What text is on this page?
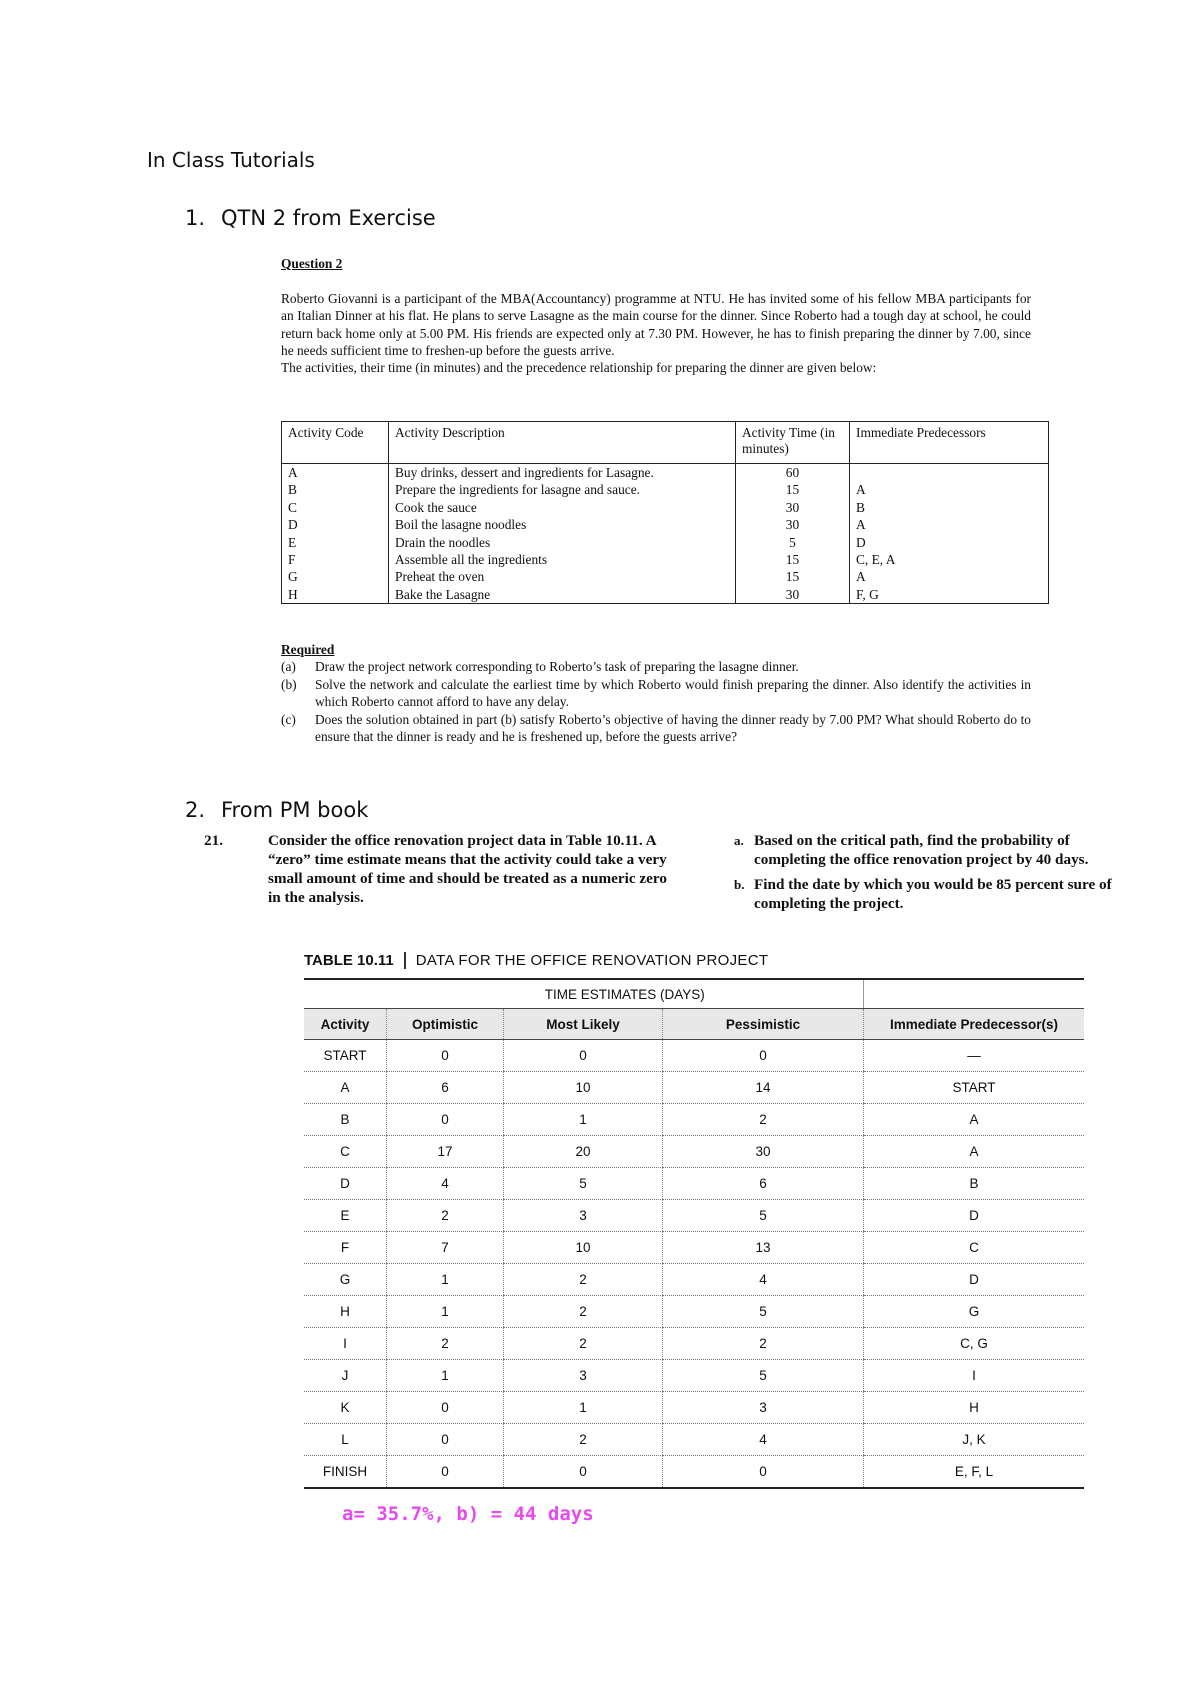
In Class Tutorials
1. QTN 2 from Exercise
Question 2

Roberto Giovanni is a participant of the MBA(Accountancy) programme at NTU. He has invited some of his fellow MBA participants for an Italian Dinner at his flat. He plans to serve Lasagne as the main course for the dinner. Since Roberto had a tough day at school, he could return back home only at 5.00 PM. His friends are expected only at 7.30 PM. However, he has to finish preparing the dinner by 7.00, since he needs sufficient time to freshen-up before the guests arrive.

The activities, their time (in minutes) and the precedence relationship for preparing the dinner are given below:

Activity Code	Activity Description	Activity Time (in minutes)	Immediate Predecessors
A	Buy drinks, dessert and ingredients for Lasagne.	60	
B	Prepare the ingredients for lasagne and sauce.	15	A
C	Cook the sauce	30	B
D	Boil the lasagne noodles	30	A
E	Drain the noodles	5	D
F	Assemble all the ingredients	15	C, E, A
G	Preheat the oven	15	A
H	Bake the Lasagne	30	F, G
Required
(a)	Draw the project network corresponding to Roberto’s task of preparing the lasagne dinner.
(b)	Solve the network and calculate the earliest time by which Roberto would finish preparing the dinner. Also identify the activities in which Roberto cannot afford to have any delay.
(c)	Does the solution obtained in part (b) satisfy Roberto’s objective of having the dinner ready by 7.00 PM? What should Roberto do to ensure that the dinner is ready and he is freshened up, before the guests arrive?
2. From PM book
21.	Consider the office renovation project data in Table 10.11. A “zero” time estimate means that the activity could take a very small amount of time and should be treated as a numeric zero in the analysis.
a. Based on the critical path, find the probability of completing the office renovation project by 40 days.
b. Find the date by which you would be 85 percent sure of completing the project.
TABLE 10.11 DATA FOR THE OFFICE RENOVATION PROJECT
	TIME ESTIMATES (DAYS)			
Activity	Optimistic	Most Likely	Pessimistic	Immediate Predecessor(s)
START	0	0	0	—
A	6	10	14	START
B	0	1	2	A
C	17	20	30	A
D	4	5	6	B
E	2	3	5	D
F	7	10	13	C
G	1	2	4	D
H	1	2	5	G
I	2	2	2	C, G
J	1	3	5	I
K	0	1	3	H
L	0	2	4	J, K
FINISH	0	0	0	E, F, L
a= 35.7%, b) = 44 days
